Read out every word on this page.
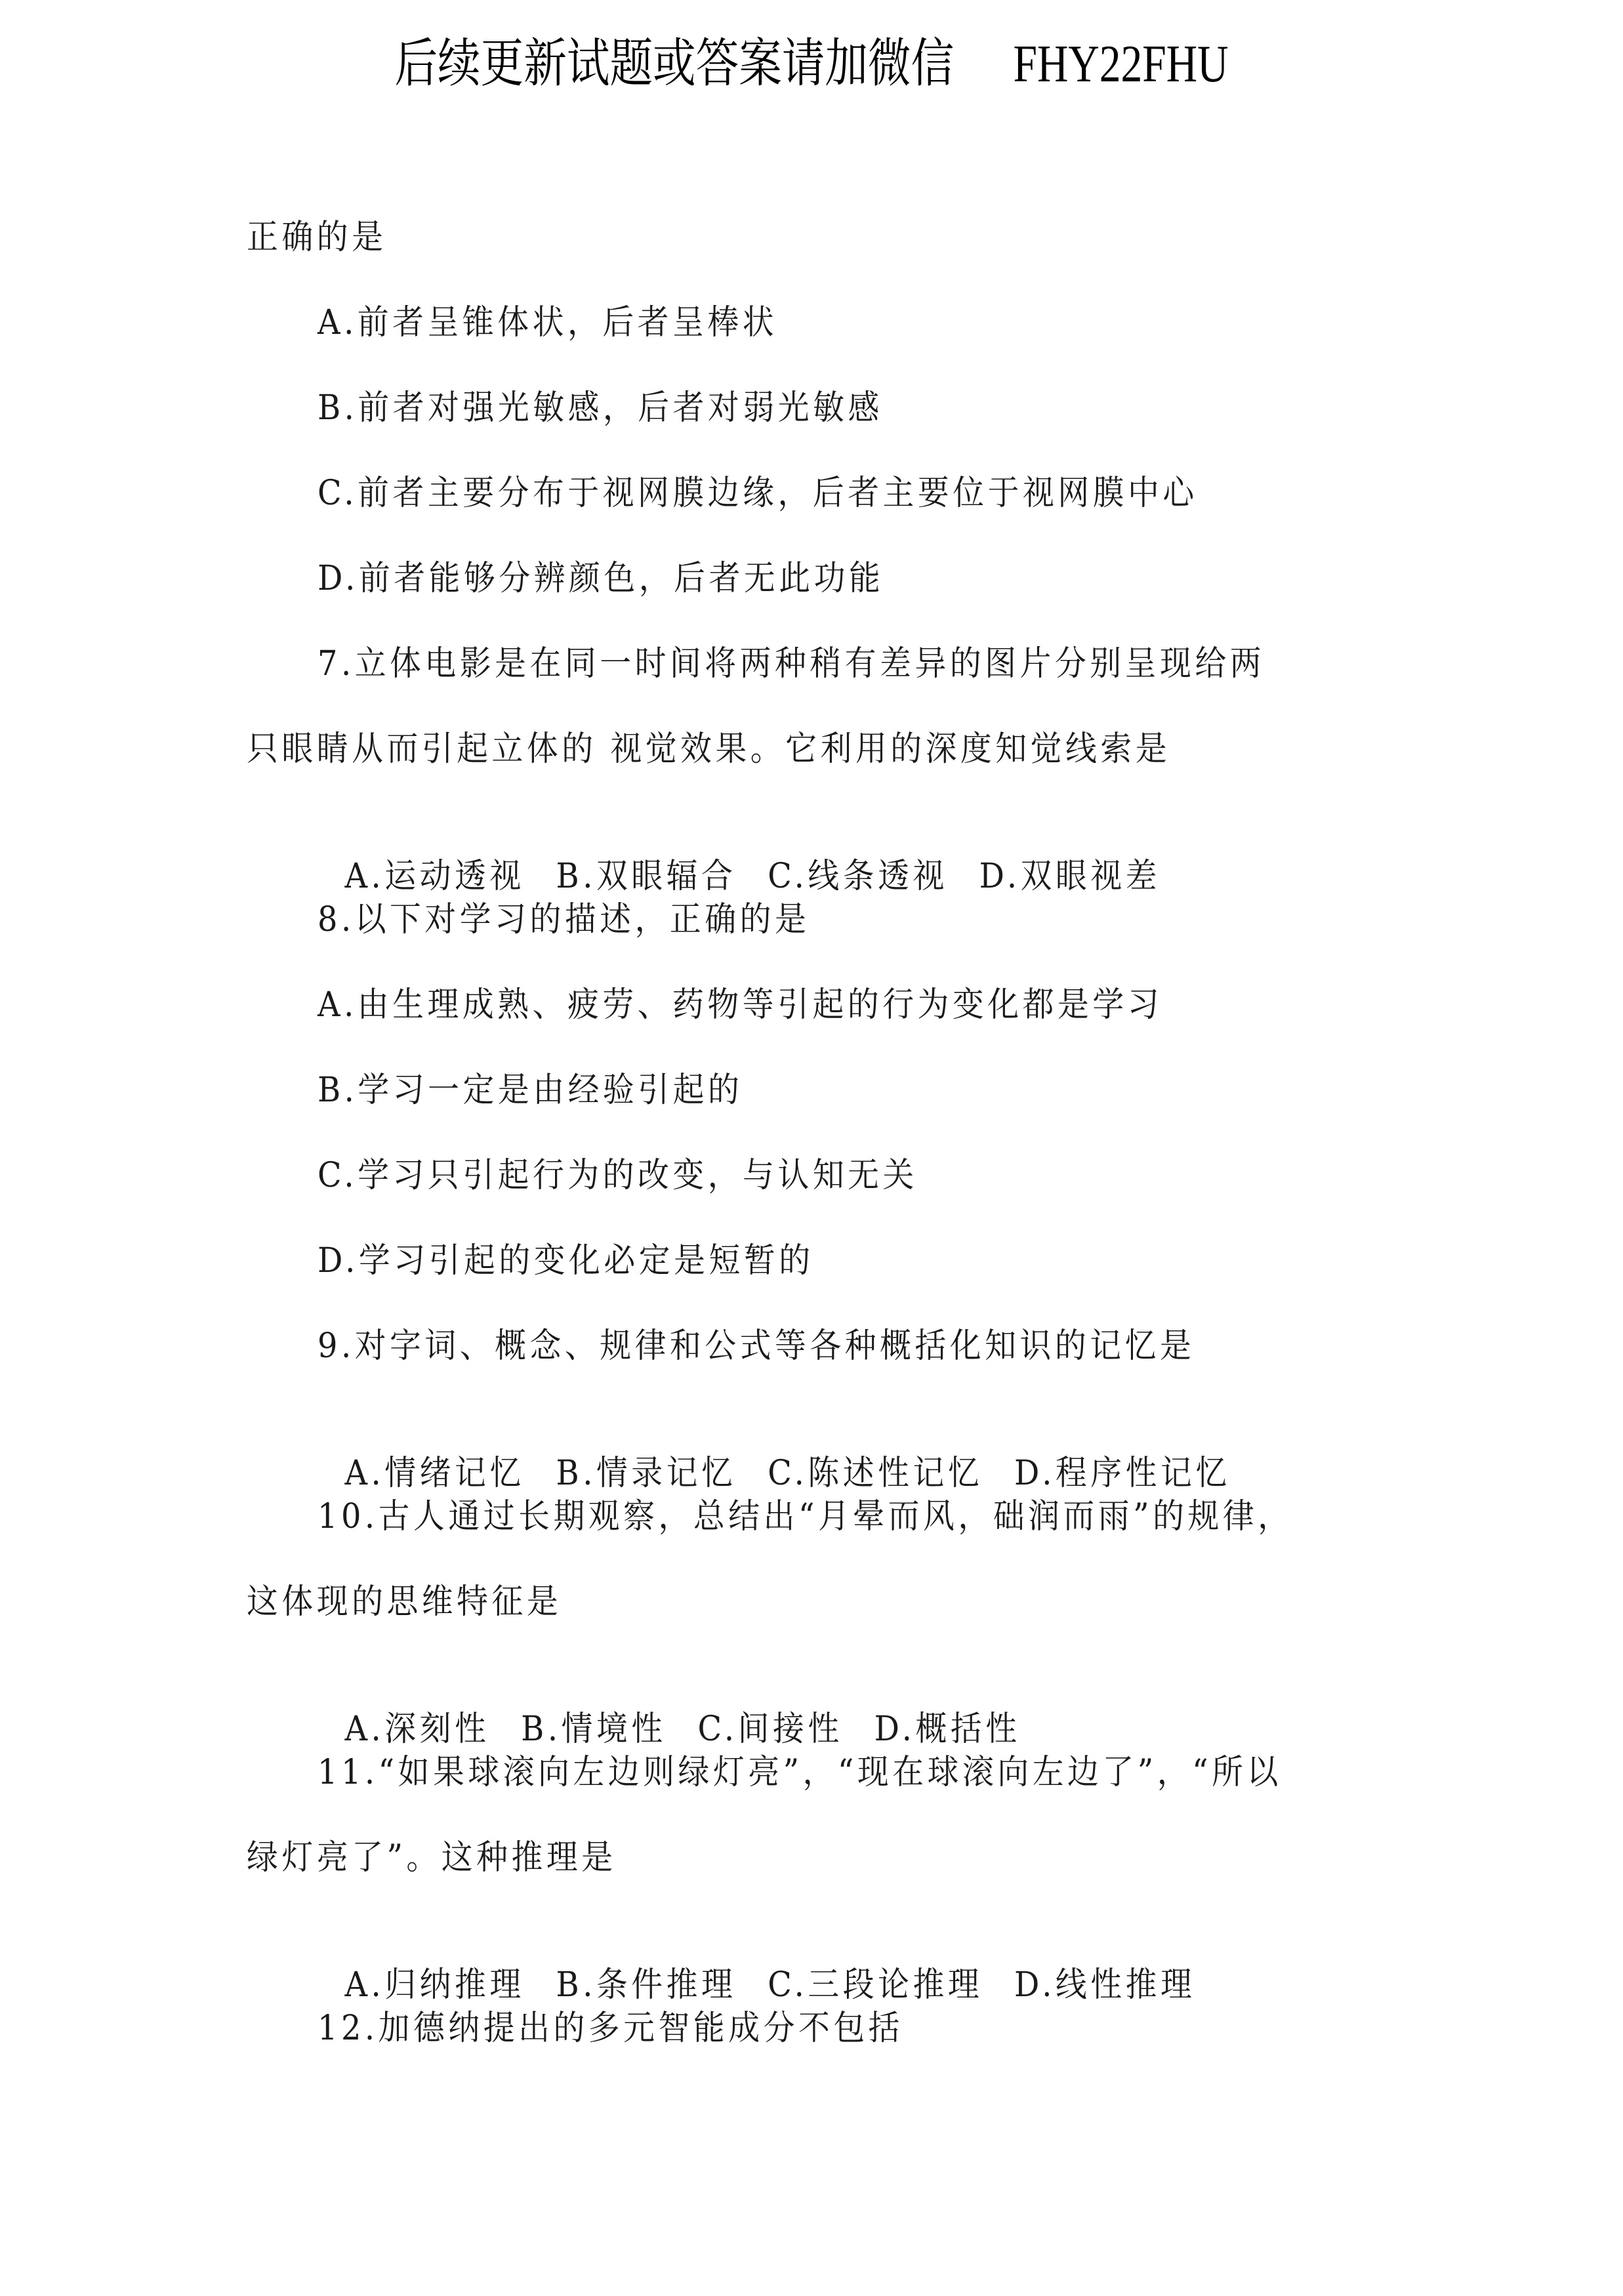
后续更新试题或答案请加微信 FHY22FHU
正确的是
A.前者呈锥体状，后者呈棒状
B.前者对强光敏感，后者对弱光敏感
C.前者主要分布于视网膜边缘，后者主要位于视网膜中心
D.前者能够分辨颜色，后者无此功能
7.立体电影是在同一时间将两种稍有差异的图片分别呈现给两
只眼睛从而引起立体的 视觉效果。它利用的深度知觉线索是

A.运动透视 B.双眼辐合 C.线条透视 D.双眼视差

8.以下对学习的描述，正确的是
A.由生理成熟、疲劳、药物等引起的行为变化都是学习
B.学习一定是由经验引起的
C.学习只引起行为的改变，与认知无关
D.学习引起的变化必定是短暂的
9.对字词、概念、规律和公式等各种概括化知识的记忆是

A.情绪记忆 B.情录记忆 C.陈述性记忆 D.程序性记忆

10.古人通过长期观察，总结出“月晕而风，础润而雨”的规律，
这体现的思维特征是

A.深刻性 B.情境性 C.间接性 D.概括性

11.“如果球滚向左边则绿灯亮”，“现在球滚向左边了”，“所以
绿灯亮了”。这种推理是

A.归纳推理 B.条件推理 C.三段论推理 D.线性推理

12.加德纳提出的多元智能成分不包括
